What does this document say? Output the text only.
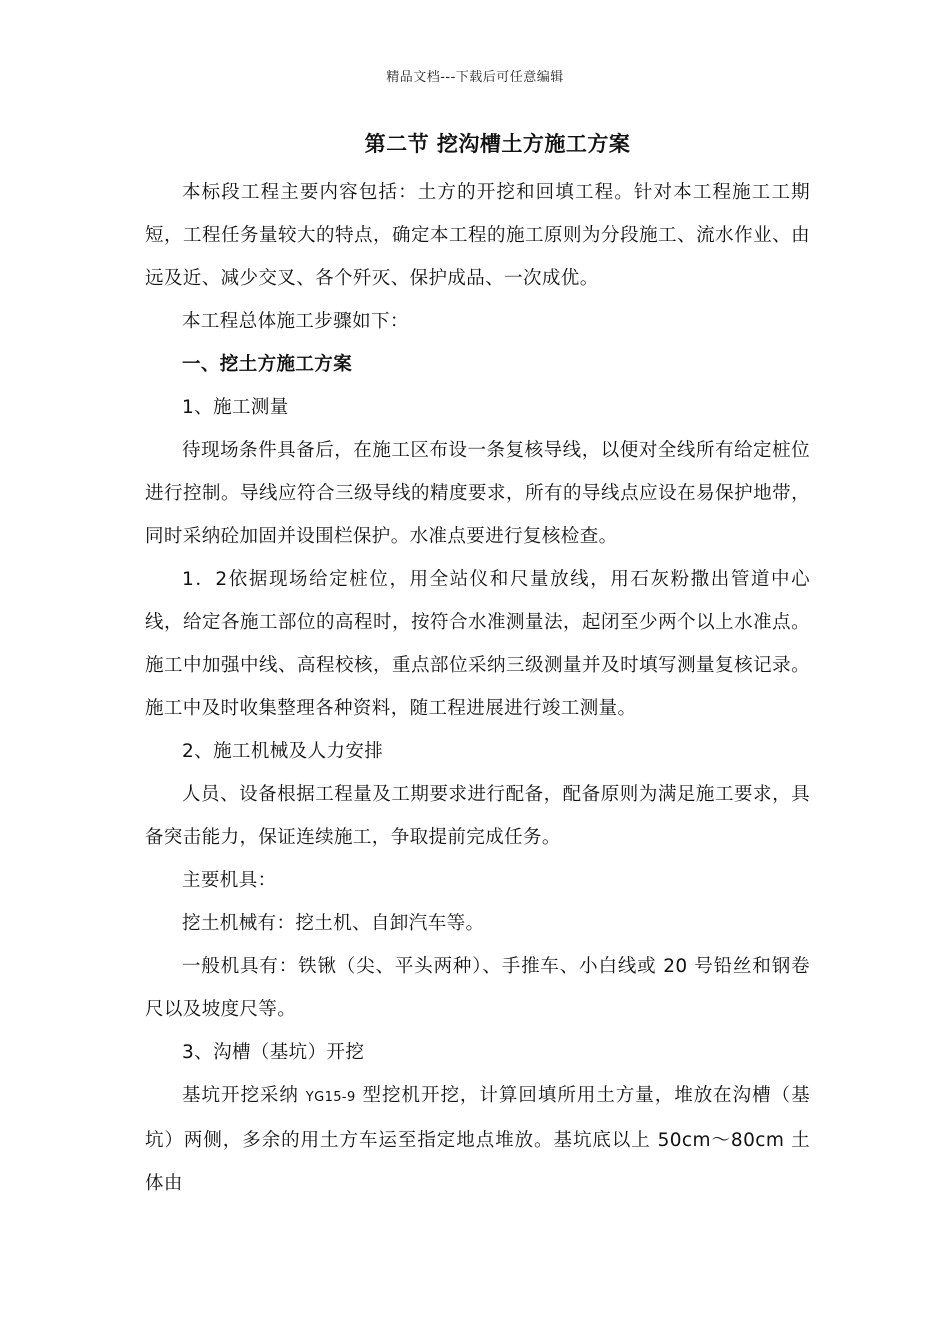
精品文档---下载后可任意编辑
第二节 挖沟槽土方施工方案

本标段工程主要内容包括：土方的开挖和回填工程。针对本工程施工工期短，工程任务量较大的特点，确定本工程的施工原则为分段施工、流水作业、由远及近、减少交叉、各个歼灭、保护成品、一次成优。

本工程总体施工步骤如下：

一、挖土方施工方案

1、施工测量

待现场条件具备后，在施工区布设一条复核导线，以便对全线所有给定桩位进行控制。导线应符合三级导线的精度要求，所有的导线点应设在易保护地带，同时采纳砼加固并设围栏保护。水准点要进行复核检查。

1．2依据现场给定桩位，用全站仪和尺量放线，用石灰粉撒出管道中心线，给定各施工部位的高程时，按符合水准测量法，起闭至少两个以上水准点。施工中加强中线、高程校核，重点部位采纳三级测量并及时填写测量复核记录。施工中及时收集整理各种资料，随工程进展进行竣工测量。

2、施工机械及人力安排

人员、设备根据工程量及工期要求进行配备，配备原则为满足施工要求，具备突击能力，保证连续施工，争取提前完成任务。

主要机具：

挖土机械有：挖土机、自卸汽车等。

一般机具有：铁锹（尖、平头两种）、手推车、小白线或 20 号铅丝和钢卷尺以及坡度尺等。

3、沟槽（基坑）开挖

基坑开挖采纳 YG15-9 型挖机开挖，计算回填所用土方量，堆放在沟槽（基坑）两侧，多余的用土方车运至指定地点堆放。基坑底以上 50cm～80cm 土体由
